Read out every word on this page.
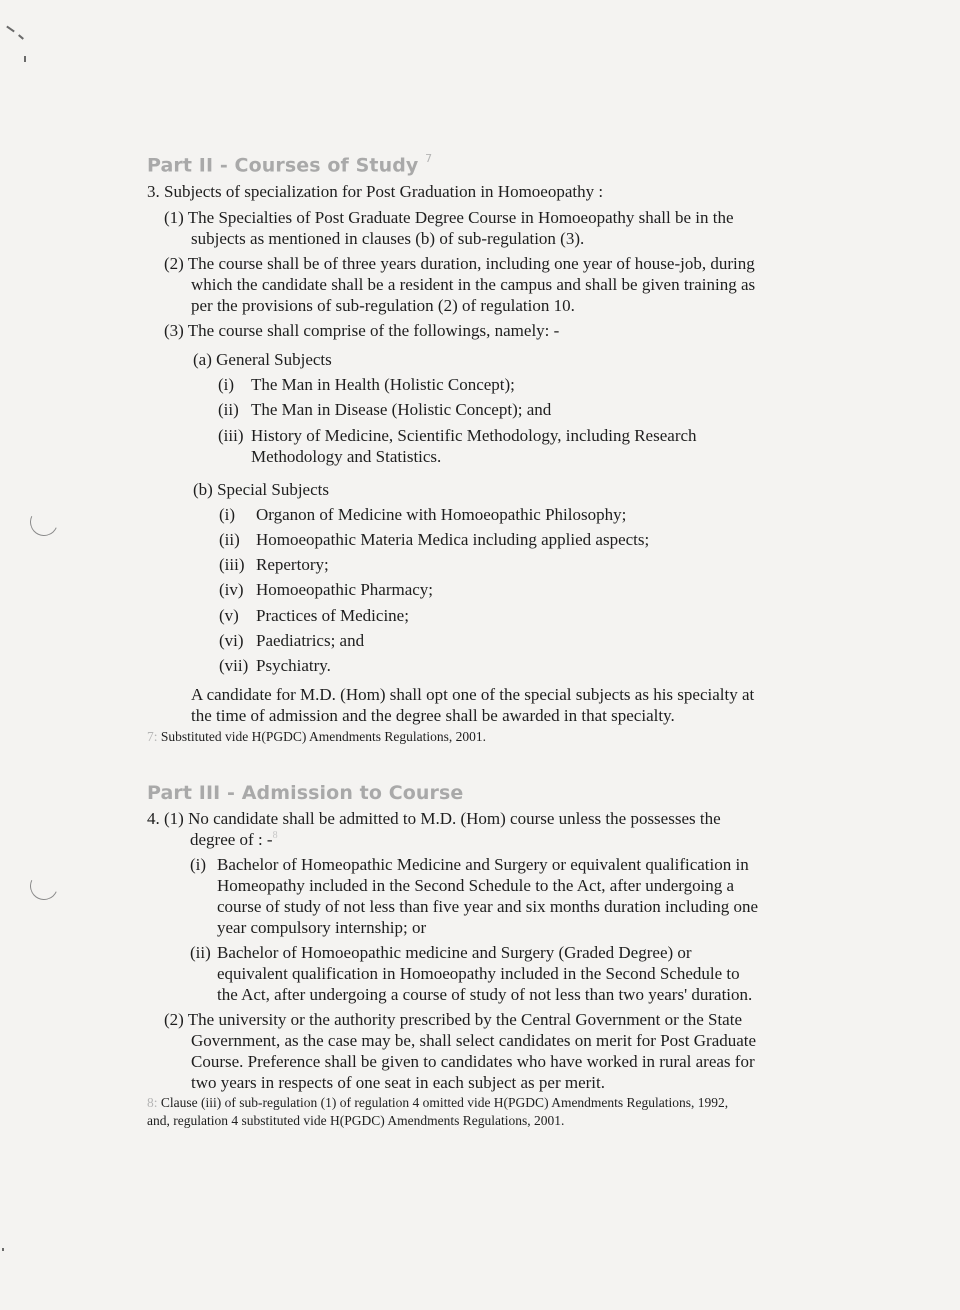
Part II - Courses of Study $^7$
3. Subjects of specialization for Post Graduation in Homoeopathy :
(1) The Specialties of Post Graduate Degree Course in Homoeopathy shall be in the
subjects as mentioned in clauses (b) of sub-regulation (3).
(2) The course shall be of three years duration, including one year of house-job, during
which the candidate shall be a resident in the campus and shall be given training as
per the provisions of sub-regulation (2) of regulation 10.
(3) The course shall comprise of the followings, namely: -
(a) General Subjects
(i) The Man in Health (Holistic Concept);
(ii) The Man in Disease (Holistic Concept); and
(iii) History of Medicine, Scientific Methodology, including Research
Methodology and Statistics.
(b) Special Subjects
(i) Organon of Medicine with Homoeopathic Philosophy;
(ii) Homoeopathic Materia Medica including applied aspects;
(iii) Repertory;
(iv) Homoeopathic Pharmacy;
(v) Practices of Medicine;
(vi) Paediatrics; and
(vii) Psychiatry.
A candidate for M.D. (Hom) shall opt one of the special subjects as his specialty at
the time of admission and the degree shall be awarded in that specialty.
7: Substituted vide H(PGDC) Amendments Regulations, 2001.
Part III - Admission to Course
4. (1) No candidate shall be admitted to M.D. (Hom) course unless the possesses the
degree of : -$^8$
(i) Bachelor of Homeopathic Medicine and Surgery or equivalent qualification in
Homeopathy included in the Second Schedule to the Act, after undergoing a
course of study of not less than five year and six months duration including one
year compulsory internship; or
(ii) Bachelor of Homoeopathic medicine and Surgery (Graded Degree) or
equivalent qualification in Homoeopathy included in the Second Schedule to
the Act, after undergoing a course of study of not less than two years' duration.
(2) The university or the authority prescribed by the Central Government or the State
Government, as the case may be, shall select candidates on merit for Post Graduate
Course. Preference shall be given to candidates who have worked in rural areas for
two years in respects of one seat in each subject as per merit.
8: Clause (iii) of sub-regulation (1) of regulation 4 omitted vide H(PGDC) Amendments Regulations, 1992,
and, regulation 4 substituted vide H(PGDC) Amendments Regulations, 2001.
